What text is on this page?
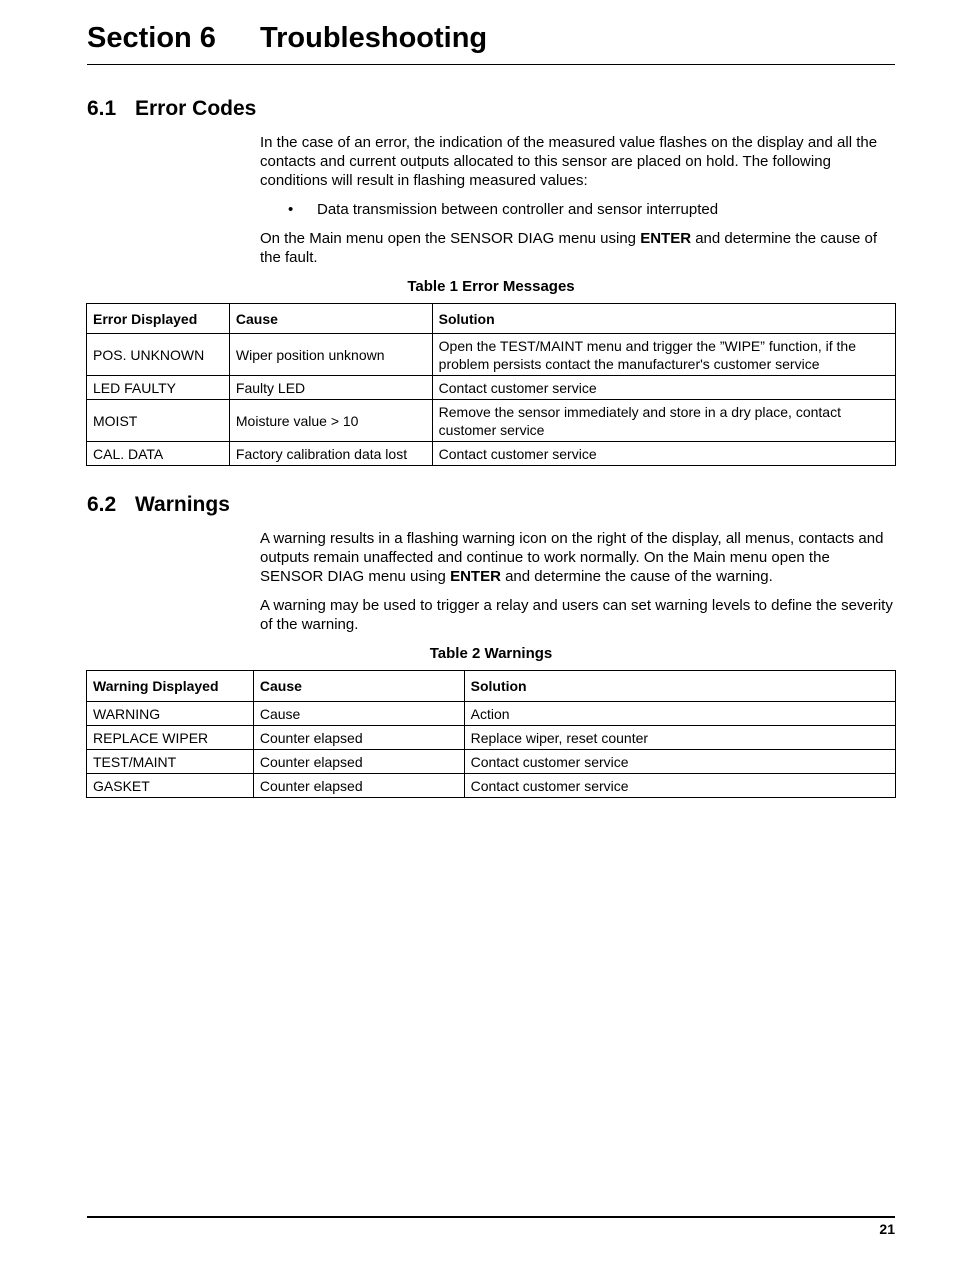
Section 6 Troubleshooting
6.1 Error Codes

In the case of an error, the indication of the measured value flashes on the display and all the contacts and current outputs allocated to this sensor are placed on hold. The following conditions will result in flashing measured values:

• Data transmission between controller and sensor interrupted

On the Main menu open the SENSOR DIAG menu using ENTER and determine the cause of the fault.

Table 1 Error Messages
Error Displayed	Cause	Solution
POS. UNKNOWN	Wiper position unknown	Open the TEST/MAINT menu and trigger the ”WIPE” function, if the problem persists contact the manufacturer's customer service
LED FAULTY	Faulty LED	Contact customer service
MOIST	Moisture value > 10	Remove the sensor immediately and store in a dry place, contact customer service
CAL. DATA	Factory calibration data lost	Contact customer service
6.2 Warnings

A warning results in a flashing warning icon on the right of the display, all menus, contacts and outputs remain unaffected and continue to work normally. On the Main menu open the SENSOR DIAG menu using ENTER and determine the cause of the warning.

A warning may be used to trigger a relay and users can set warning levels to define the severity of the warning.

Table 2 Warnings
Warning Displayed	Cause	Solution
WARNING	Cause	Action
REPLACE WIPER	Counter elapsed	Replace wiper, reset counter
TEST/MAINT	Counter elapsed	Contact customer service
GASKET	Counter elapsed	Contact customer service
21
